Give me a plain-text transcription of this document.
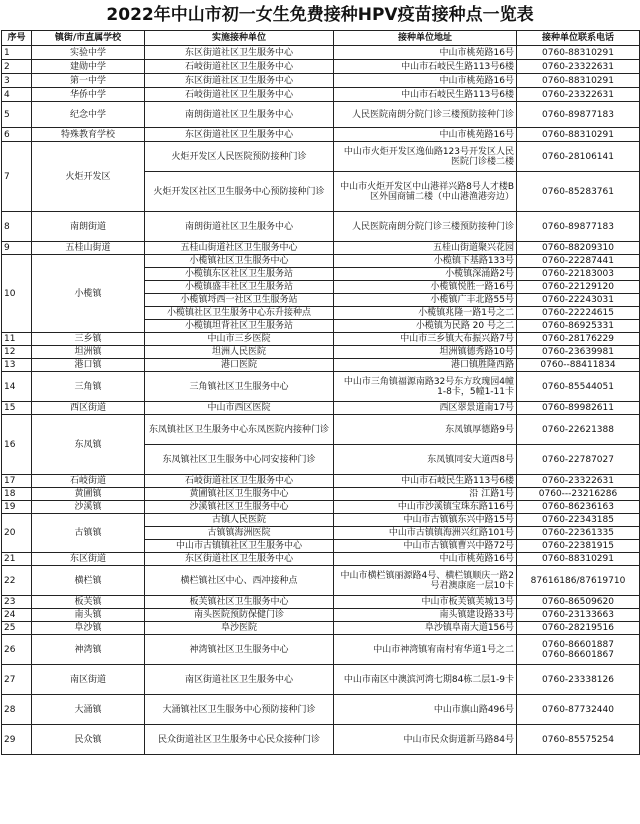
2022年中山市初一女生免费接种HPV疫苗接种点一览表
序号	镇街/市直属学校	实施接种单位	接种单位地址	接种单位联系电话
1	实验中学	东区街道社区卫生服务中心	中山市桃苑路16号	0760-88310291
2	建勋中学	石岐街道社区卫生服务中心	中山市石岐民生路113号6楼	0760-23322631
3	第一中学	东区街道社区卫生服务中心	中山市桃苑路16号	0760-88310291
4	华侨中学	石岐街道社区卫生服务中心	中山市石岐民生路113号6楼	0760-23322631
5	纪念中学	南朗街道社区卫生服务中心	人民医院南朗分院门诊三楼预防接种门诊	0760-89877183
6	特殊教育学校	东区街道社区卫生服务中心	中山市桃苑路16号	0760-88310291
7	火炬开发区	火炬开发区人民医院预防接种门诊	中山市火炬开发区逸仙路123号开发区人民医院门诊楼二楼	0760-28106141
		火炬开发区社区卫生服务中心预防接种门诊	中山市火炬开发区中山港祥兴路8号人才楼B区外国商铺二楼（中山港渔港旁边）	0760-85283761
8	南朗街道	南朗街道社区卫生服务中心	人民医院南朗分院门诊三楼预防接种门诊	0760-89877183
9	五桂山街道	五桂山街道社区卫生服务中心	五桂山街道聚兴花园	0760-88209310
10	小榄镇	小榄镇社区卫生服务中心	小榄镇下基路133号	0760-22287441
		小榄镇东区社区卫生服务站	小榄镇深涌路2号	0760-22183003
		小榄镇盛丰社区卫生服务站	小榄镇悦胜一路16号	0760-22129120
		小榄镇埒西一社区卫生服务站	小榄镇广丰北路55号	0760-22243031
		小榄镇社区卫生服务中心东升接种点	小榄镇兆隆一路1号之二	0760-22224615
		小榄镇坦背社区卫生服务站	小榄镇为民路 20 号之二	0760-86925331
11	三乡镇	中山市三乡医院	中山市三乡镇大布振兴路7号	0760-28176229
12	坦洲镇	坦洲人民医院	坦洲镇德秀路10号	0760-23639981
13	港口镇	港口医院	港口镇胜隆西路	0760--88411834
14	三角镇	三角镇社区卫生服务中心	中山市三角镇福源南路32号东方玫瑰园4幢1-8卡，5幢1-11卡	0760-85544051
15	西区街道	中山市西区医院	西区翠景道南17号	0760-89982611
16	东凤镇	东凤镇社区卫生服务中心东凤医院内接种门诊	东凤镇厚德路9号	0760-22621388
		东凤镇社区卫生服务中心同安接种门诊	东凤镇同安大道西8号	0760-22787027
17	石岐街道	石岐街道社区卫生服务中心	中山市石岐民生路113号6楼	0760-23322631
18	黄圃镇	黄圃镇社区卫生服务中心	沿 江路1号	0760---23216286
19	沙溪镇	沙溪镇社区卫生服务中心	中山市沙溪镇宝珠东路116号	0760-86236163
20	古镇镇	古镇人民医院	中山市古镇镇东兴中路15号	0760-22343185
		古镇镇海洲医院	中山市古镇镇海洲兴红路101号	0760-22361335
		中山市古镇镇社区卫生服务中心	中山市古镇镇曹兴中路72号	0760-22381915
21	东区街道	东区街道社区卫生服务中心	中山市桃苑路16号	0760-88310291
22	横栏镇	横栏镇社区中心、西冲接种点	中山市横栏镇丽源路4号、横栏镇顺庆一路2号君澳康庭一层10卡	87616186/87619710
23	板芙镇	板芙镇社区卫生服务中心	中山市板芙镇芙城13号	0760-86509620
24	南头镇	南头医院预防保健门诊	南头镇建设路33号	0760-23133663
25	阜沙镇	阜沙医院	阜沙镇阜南大道156号	0760-28219516
26	神湾镇	神湾镇社区卫生服务中心	中山市神湾镇宥南村宥华道1号之二	0760-86601887
0760-86601867
27	南区街道	南区街道社区卫生服务中心	中山市南区中澳滨河湾七期84栋二层1-9卡	0760-23338126
28	大涌镇	大涌镇社区卫生服务中心预防接种门诊	中山市旗山路496号	0760-87732440
29	民众镇	民众街道社区卫生服务中心民众接种门诊	中山市民众街道新马路84号	0760-85575254
